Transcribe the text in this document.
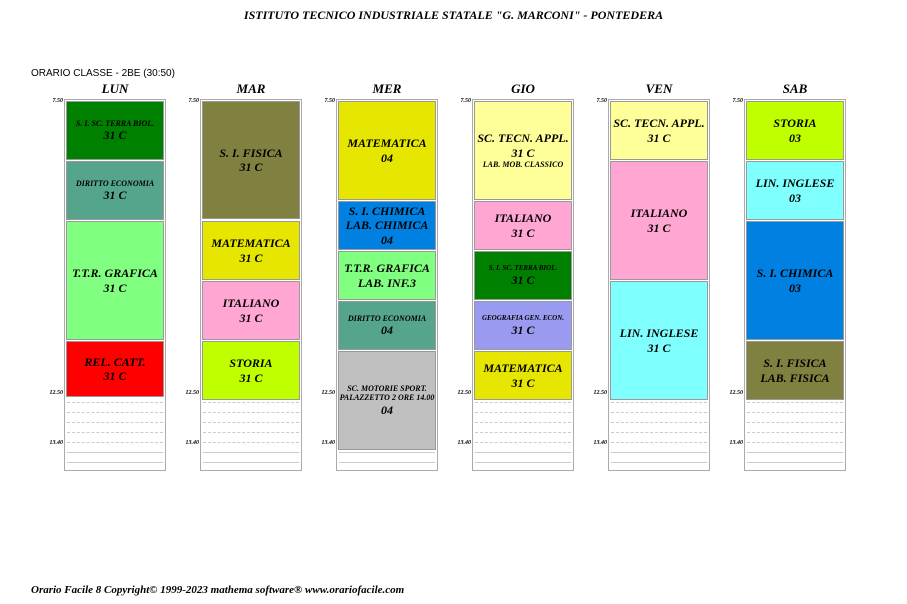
ISTITUTO TECNICO INDUSTRIALE STATALE "G. MARCONI" - PONTEDERA
ORARIO CLASSE - 2BE (30:50)
LUN
7.50
12.50
13.40
S. I. SC. TERRA BIOL.
31 C
DIRITTO ECONOMIA
31 C
T.T.R. GRAFICA
31 C
REL. CATT.
31 C
MAR
7.50
12.50
13.40
S. I. FISICA
31 C
MATEMATICA
31 C
ITALIANO
31 C
STORIA
31 C
MER
7.50
12.50
13.40
MATEMATICA
04
S. I. CHIMICA
LAB. CHIMICA
04
T.T.R. GRAFICA
LAB. INF.3
DIRITTO ECONOMIA
04
SC. MOTORIE SPORT.
PALAZZETTO 2 ORE 14.00
04
GIO
7.50
12.50
13.40
SC. TECN. APPL.
31 C
LAB. MOB. CLASSICO
ITALIANO
31 C
S. I. SC. TERRA BIOL.
31 C
GEOGRAFIA GEN. ECON.
31 C
MATEMATICA
31 C
VEN
7.50
12.50
13.40
SC. TECN. APPL.
31 C
ITALIANO
31 C
LIN. INGLESE
31 C
SAB
7.50
12.50
13.40
STORIA
03
LIN. INGLESE
03
S. I. CHIMICA
03
S. I. FISICA
LAB. FISICA
Orario Facile 8 Copyright© 1999-2023 mathema software® www.orariofacile.com
